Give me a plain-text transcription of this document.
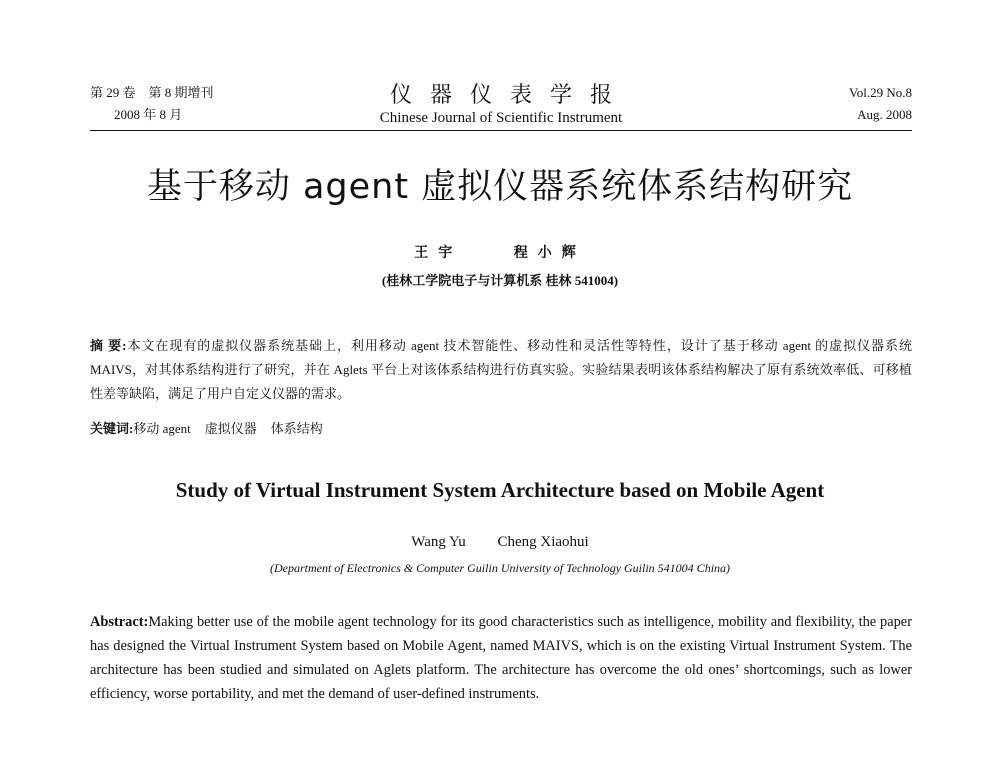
第 29 卷　第 8 期增刊
2008 年 8 月
仪器仪表学报
Chinese Journal of Scientific Instrument
Vol.29 No.8
Aug. 2008
基于移动 agent 虚拟仪器系统体系结构研究
王宇	程小辉
(桂林工学院电子与计算机系 桂林 541004)
摘 要:本文在现有的虚拟仪器系统基础上，利用移动 agent 技术智能性、移动性和灵活性等特性，设计了基于移动 agent 的虚拟仪器系统 MAIVS，对其体系结构进行了研究，并在 Aglets 平台上对该体系结构进行仿真实验。实验结果表明该体系结构解决了原有系统效率低、可移植性差等缺陷，满足了用户自定义仪器的需求。
关键词:移动 agent 虚拟仪器 体系结构
Study of Virtual Instrument System Architecture based on Mobile Agent
Wang Yu Cheng Xiaohui
(Department of Electronics & Computer Guilin University of Technology Guilin 541004 China)
Abstract:Making better use of the mobile agent technology for its good characteristics such as intelligence, mobility and flexibility, the paper has designed the Virtual Instrument System based on Mobile Agent, named MAIVS, which is on the existing Virtual Instrument System. The architecture has been studied and simulated on Aglets platform. The architecture has overcome the old ones’ shortcomings, such as lower efficiency, worse portability, and met the demand of user-defined instruments.
